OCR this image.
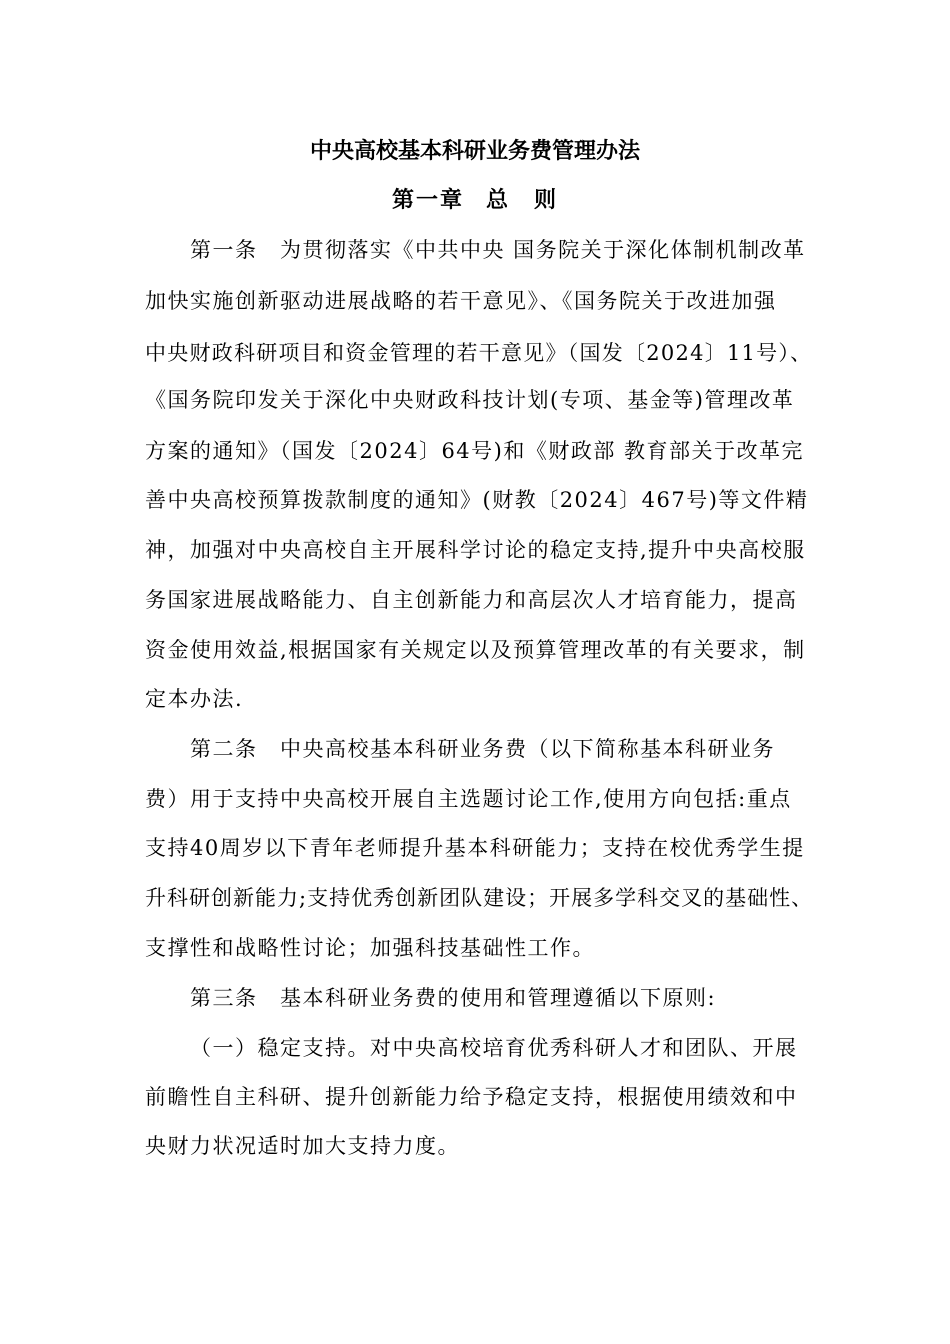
中央高校基本科研业务费管理办法
第一章 总　则

第一条　为贯彻落实《中共中央 国务院关于深化体制机制改革

加快实施创新驱动进展战略的若干意见》、《国务院关于改进加强

中央财政科研项目和资金管理的若干意见》（国发〔2024〕11号）、

《国务院印发关于深化中央财政科技计划(专项、基金等)管理改革

方案的通知》（国发〔2024〕64号)和《财政部 教育部关于改革完

善中央高校预算拨款制度的通知》(财教〔2024〕467号)等文件精

神，加强对中央高校自主开展科学讨论的稳定支持,提升中央高校服

务国家进展战略能力、自主创新能力和高层次人才培育能力，提高

资金使用效益,根据国家有关规定以及预算管理改革的有关要求，制

定本办法.

第二条　中央高校基本科研业务费（以下简称基本科研业务

费）用于支持中央高校开展自主选题讨论工作,使用方向包括:重点

支持40周岁以下青年老师提升基本科研能力；支持在校优秀学生提

升科研创新能力;支持优秀创新团队建设；开展多学科交叉的基础性、

支撑性和战略性讨论；加强科技基础性工作。

第三条　基本科研业务费的使用和管理遵循以下原则:

（一）稳定支持。对中央高校培育优秀科研人才和团队、开展

前瞻性自主科研、提升创新能力给予稳定支持，根据使用绩效和中

央财力状况适时加大支持力度。
